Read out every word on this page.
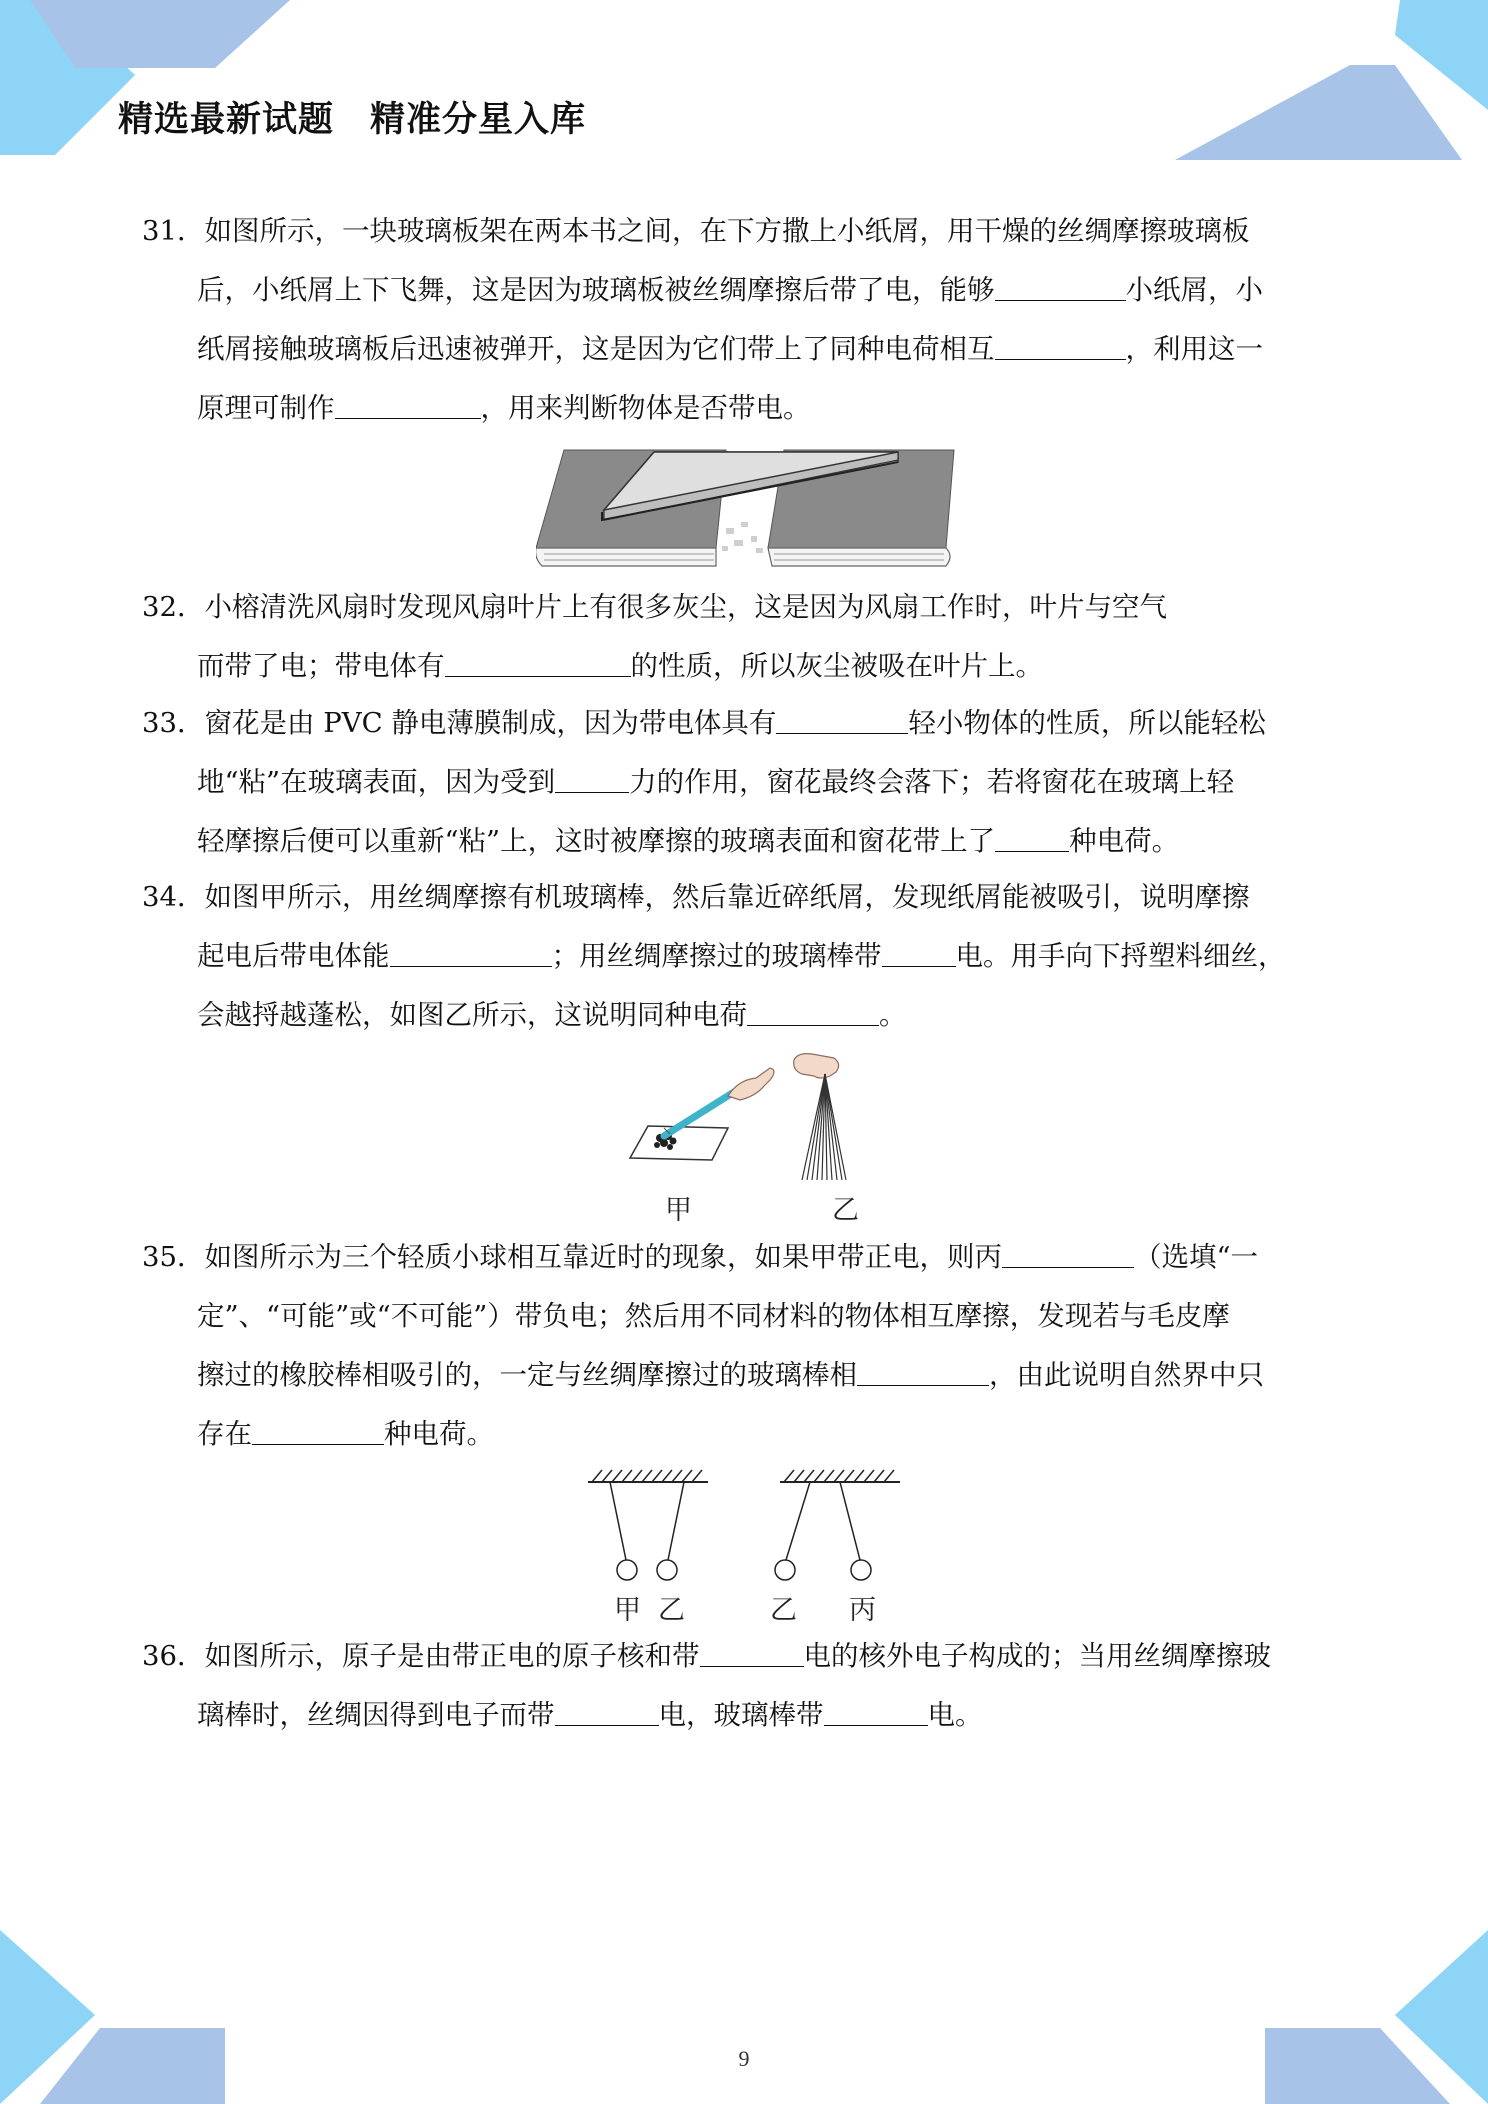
精选最新试题　精准分星入库

31．如图所示，一块玻璃板架在两本书之间，在下方撒上小纸屑，用干燥的丝绸摩擦玻璃板

后，小纸屑上下飞舞，这是因为玻璃板被丝绸摩擦后带了电，能够	小纸屑，小

纸屑接触玻璃板后迅速被弹开，这是因为它们带上了同种电荷相互	，利用这一

原理可制作	，用来判断物体是否带电。

32．小榕清洗风扇时发现风扇叶片上有很多灰尘，这是因为风扇工作时，叶片与空气

而带了电；带电体有	的性质，所以灰尘被吸在叶片上。

33．窗花是由 PVC 静电薄膜制成，因为带电体具有	轻小物体的性质，所以能轻松

地“粘”在玻璃表面，因为受到	力的作用，窗花最终会落下；若将窗花在玻璃上轻

轻摩擦后便可以重新“粘”上，这时被摩擦的玻璃表面和窗花带上了	种电荷。

34．如图甲所示，用丝绸摩擦有机玻璃棒，然后靠近碎纸屑，发现纸屑能被吸引，说明摩擦

起电后带电体能	；用丝绸摩擦过的玻璃棒带	电。用手向下捋塑料细丝，

会越捋越蓬松，如图乙所示，这说明同种电荷	。

甲	乙

35．如图所示为三个轻质小球相互靠近时的现象，如果甲带正电，则丙	（选填“一

定”、“可能”或“不可能”）带负电；然后用不同材料的物体相互摩擦，发现若与毛皮摩

擦过的橡胶棒相吸引的，一定与丝绸摩擦过的玻璃棒相	，由此说明自然界中只

存在	种电荷。

甲 乙	乙 丙

36．如图所示，原子是由带正电的原子核和带	电的核外电子构成的；当用丝绸摩擦玻

璃棒时，丝绸因得到电子而带	电，玻璃棒带	电。

9
